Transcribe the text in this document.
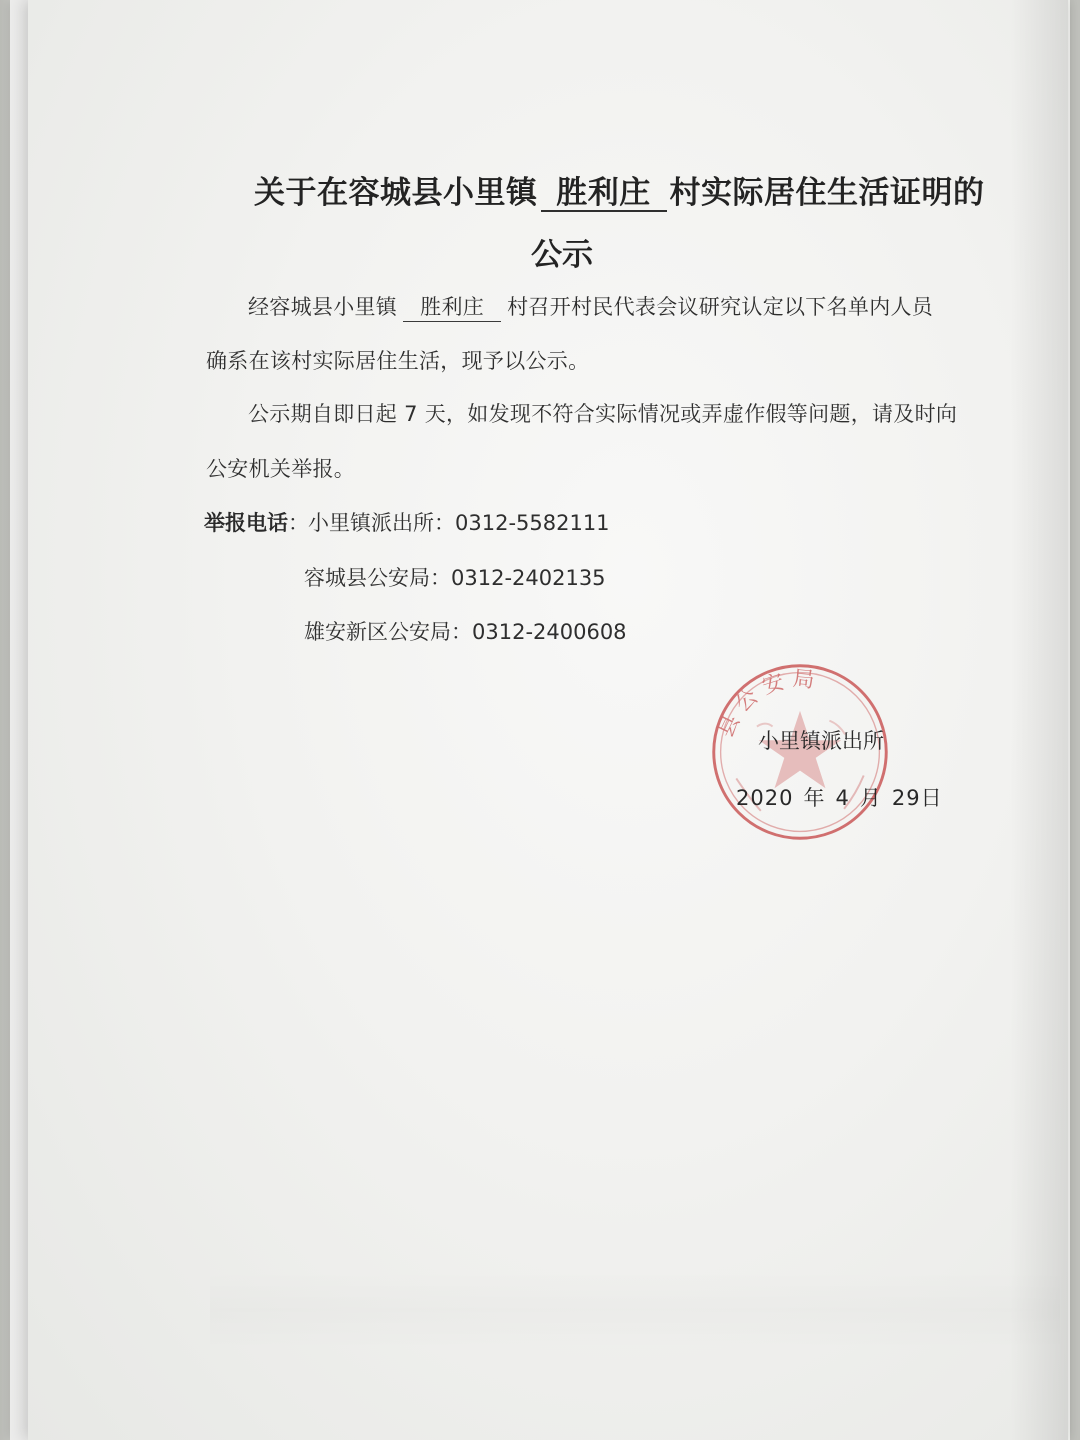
关于在容城县小里镇 胜利庄 村实际居住生活证明的
公示
经容城县小里镇 胜利庄 村召开村民代表会议研究认定以下名单内人员
确系在该村实际居住生活，现予以公示。
公示期自即日起 7 天，如发现不符合实际情况或弄虚作假等问题，请及时向
公安机关举报。
举报电话 ： 小里镇派出所：0312-5582111
容城县公安局：0312-2402135
雄安新区公安局：0312-2400608
县公安局
小里镇派出所
2020 年 4 月 29日
